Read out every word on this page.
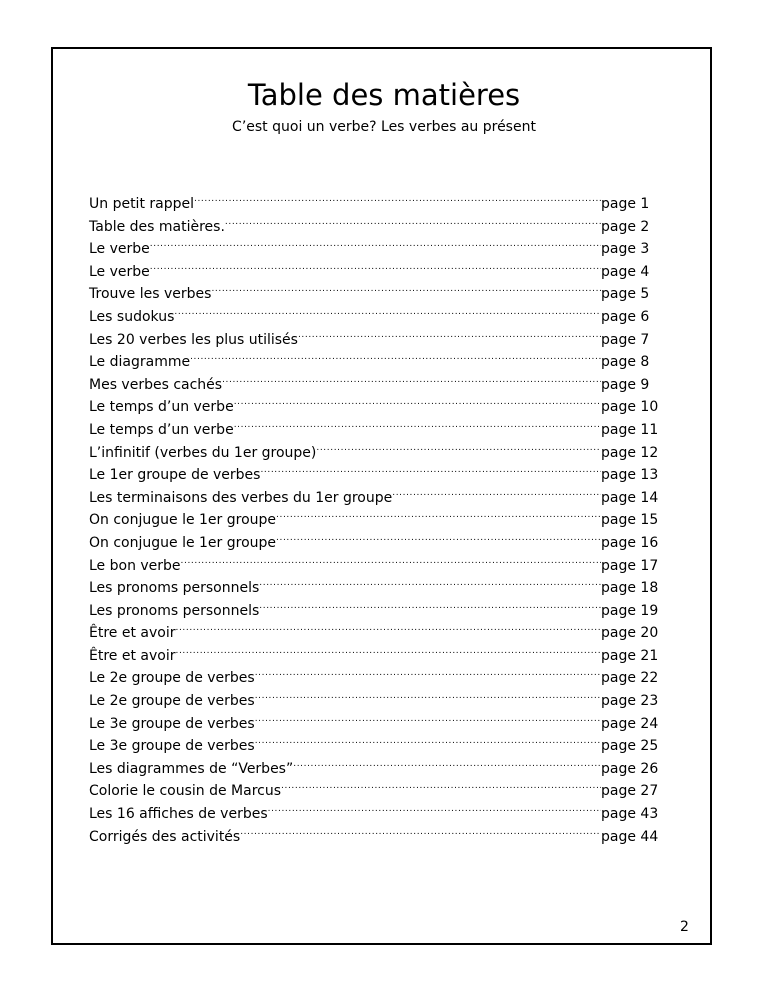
Table des matières
C’est quoi un verbe? Les verbes au présent
Un petit rappel .....	page 1
Table des matières. .....	page 2
Le verbe .....	page 3
Le verbe .....	page 4
Trouve les verbes .....	page 5
Les sudokus .....	page 6
Les 20 verbes les plus utilisés .....	page 7
Le diagramme .....	page 8
Mes verbes cachés .....	page 9
Le temps d’un verbe .....	page 10
Le temps d’un verbe .....	page 11
L’infinitif (verbes du 1er groupe) .....	page 12
Le 1er groupe de verbes .....	page 13
Les terminaisons des verbes du 1er groupe .....	page 14
On conjugue le 1er groupe .....	page 15
On conjugue le 1er groupe .....	page 16
Le bon verbe .....	page 17
Les pronoms personnels .....	page 18
Les pronoms personnels .....	page 19
Être et avoir .....	page 20
Être et avoir .....	page 21
Le 2e groupe de verbes .....	page 22
Le 2e groupe de verbes .....	page 23
Le 3e groupe de verbes .....	page 24
Le 3e groupe de verbes .....	page 25
Les diagrammes de “Verbes” .....	page 26
Colorie le cousin de Marcus .....	page 27
Les 16 affiches de verbes .....	page 43
Corrigés des activités .....	page 44
2
